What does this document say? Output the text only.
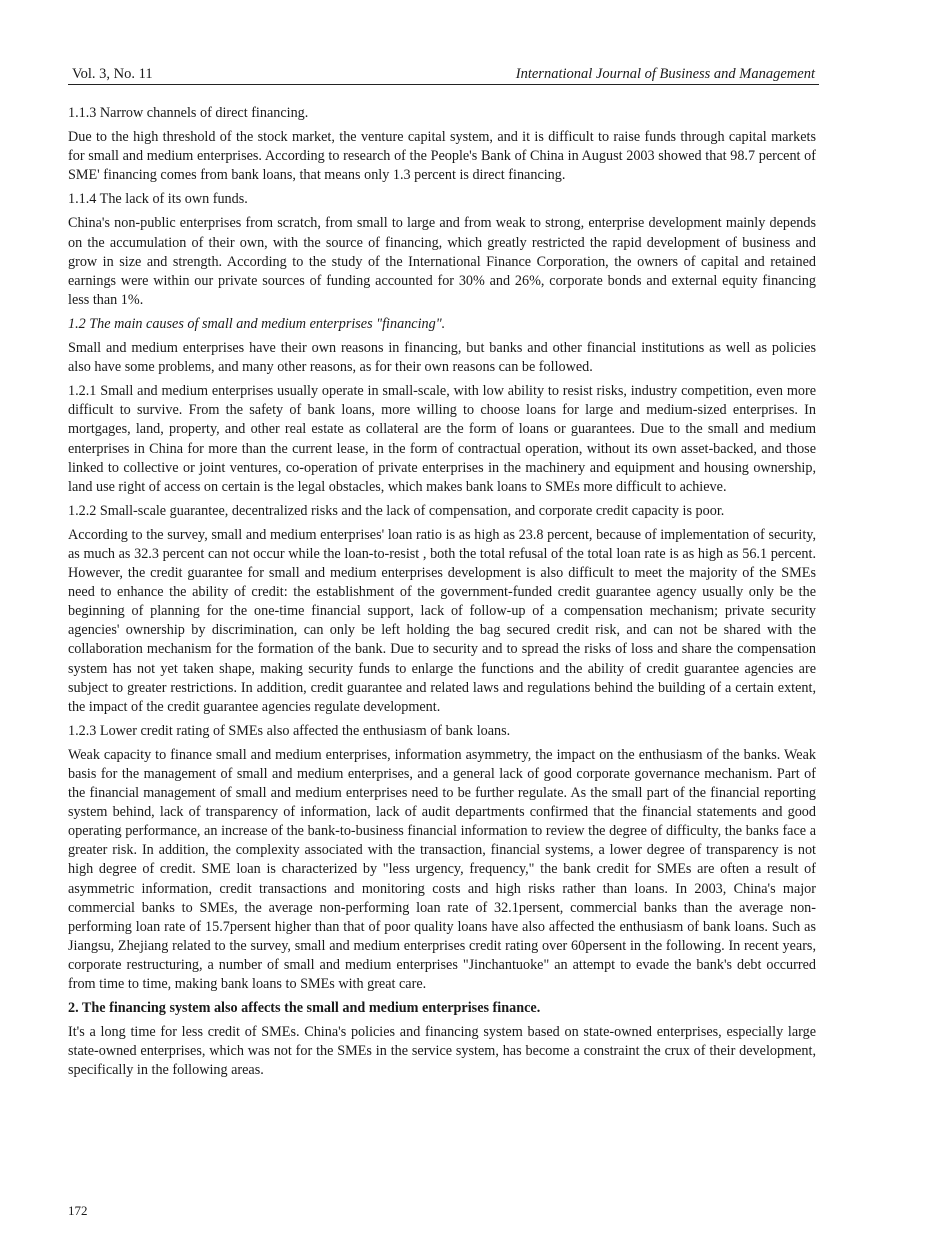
Vol. 3, No. 11	International Journal of Business and Management

1.1.3 Narrow channels of direct financing.

Due to the high threshold of the stock market, the venture capital system, and it is difficult to raise funds through capital markets for small and medium enterprises. According to research of the People's Bank of China in August 2003 showed that 98.7 percent of SME' financing comes from bank loans, that means only 1.3 percent is direct financing.

1.1.4 The lack of its own funds.

China's non-public enterprises from scratch, from small to large and from weak to strong, enterprise development mainly depends on the accumulation of their own, with the source of financing, which greatly restricted the rapid development of business and grow in size and strength. According to the study of the International Finance Corporation, the owners of capital and retained earnings were within our private sources of funding accounted for 30% and 26%, corporate bonds and external equity financing less than 1%.

1.2 The main causes of small and medium enterprises "financing".

Small and medium enterprises have their own reasons in financing, but banks and other financial institutions as well as policies also have some problems, and many other reasons, as for their own reasons can be followed.

1.2.1 Small and medium enterprises usually operate in small-scale, with low ability to resist risks, industry competition, even more difficult to survive. From the safety of bank loans, more willing to choose loans for large and medium-sized enterprises. In mortgages, land, property, and other real estate as collateral are the form of loans or guarantees. Due to the small and medium enterprises in China for more than the current lease, in the form of contractual operation, without its own asset-backed, and those linked to collective or joint ventures, co-operation of private enterprises in the machinery and equipment and housing ownership, land use right of access on certain is the legal obstacles, which makes bank loans to SMEs more difficult to achieve.

1.2.2 Small-scale guarantee, decentralized risks and the lack of compensation, and corporate credit capacity is poor.

According to the survey, small and medium enterprises' loan ratio is as high as 23.8 percent, because of implementation of security, as much as 32.3 percent can not occur while the loan-to-resist , both the total refusal of the total loan rate is as high as 56.1 percent. However, the credit guarantee for small and medium enterprises development is also difficult to meet the majority of the SMEs need to enhance the ability of credit: the establishment of the government-funded credit guarantee agency usually only be the beginning of planning for the one-time financial support, lack of follow-up of a compensation mechanism; private security agencies' ownership by discrimination, can only be left holding the bag secured credit risk, and can not be shared with the collaboration mechanism for the formation of the bank. Due to security and to spread the risks of loss and share the compensation system has not yet taken shape, making security funds to enlarge the functions and the ability of credit guarantee agencies are subject to greater restrictions. In addition, credit guarantee and related laws and regulations behind the building of a certain extent, the impact of the credit guarantee agencies regulate development.

1.2.3 Lower credit rating of SMEs also affected the enthusiasm of bank loans.

Weak capacity to finance small and medium enterprises, information asymmetry, the impact on the enthusiasm of the banks. Weak basis for the management of small and medium enterprises, and a general lack of good corporate governance mechanism. Part of the financial management of small and medium enterprises need to be further regulate. As the small part of the financial reporting system behind, lack of transparency of information, lack of audit departments confirmed that the financial statements and good operating performance, an increase of the bank-to-business financial information to review the degree of difficulty, the banks face a greater risk. In addition, the complexity associated with the transaction, financial systems, a lower degree of transparency is not high degree of credit. SME loan is characterized by "less urgency, frequency," the bank credit for SMEs are often a result of asymmetric information, credit transactions and monitoring costs and high risks rather than loans. In 2003, China's major commercial banks to SMEs, the average non-performing loan rate of 32.1persent, commercial banks than the average non-performing loan rate of 15.7persent higher than that of poor quality loans have also affected the enthusiasm of bank loans. Such as Jiangsu, Zhejiang related to the survey, small and medium enterprises credit rating over 60persent in the following. In recent years, corporate restructuring, a number of small and medium enterprises "Jinchantuoke" an attempt to evade the bank's debt occurred from time to time, making bank loans to SMEs with great care.

2. The financing system also affects the small and medium enterprises finance.

It's a long time for less credit of SMEs. China's policies and financing system based on state-owned enterprises, especially large state-owned enterprises, which was not for the SMEs in the service system, has become a constraint the crux of their development, specifically in the following areas.

172
